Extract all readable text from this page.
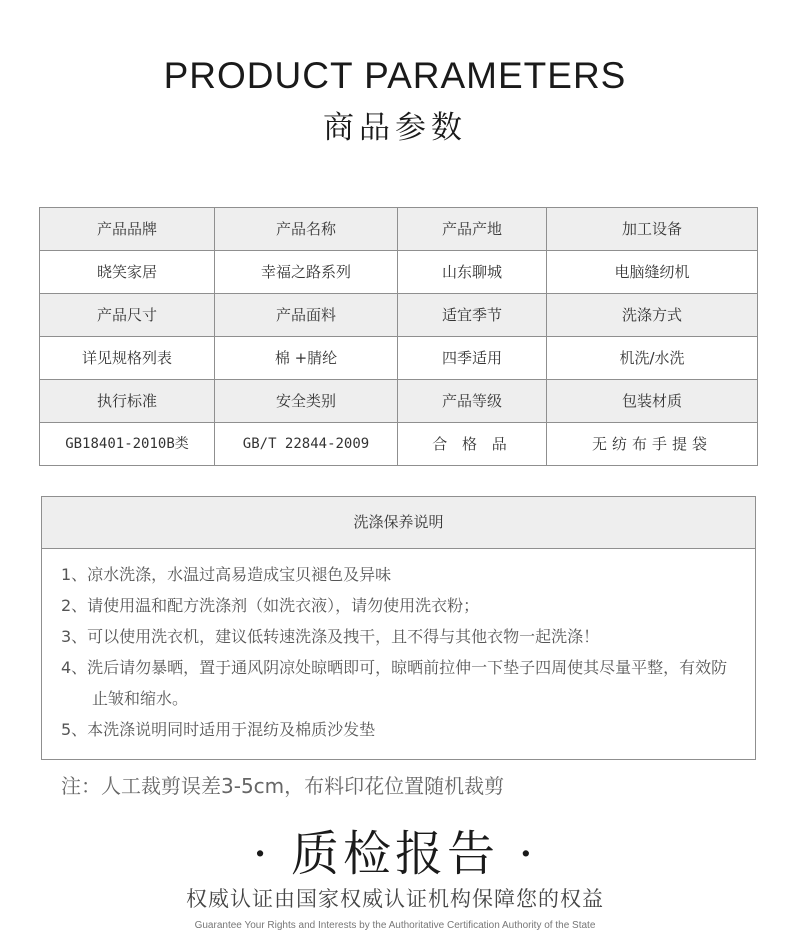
PRODUCT PARAMETERS
商品参数
产品品牌	产品名称	产品产地	加工设备
晓笑家居	幸福之路系列	山东聊城	电脑缝纫机
产品尺寸	产品面料	适宜季节	洗涤方式
详见规格列表	棉 +腈纶	四季适用	机洗/水洗
执行标准	安全类别	产品等级	包装材质
GB18401-2010B类	GB/T 22844-2009	合 格 品	无纺布手提袋
洗涤保养说明
1、凉水洗涤，水温过高易造成宝贝褪色及异味
2、请使用温和配方洗涤剂（如洗衣液），请勿使用洗衣粉；
3、可以使用洗衣机，建议低转速洗涤及拽干，且不得与其他衣物一起洗涤！
4、洗后请勿暴晒，置于通风阴凉处晾晒即可，晾晒前拉伸一下垫子四周使其尽量平整，有效防止皱和缩水。
5、本洗涤说明同时适用于混纺及棉质沙发垫
注：人工裁剪误差3-5cm，布料印花位置随机裁剪
· 质检报告 ·
权威认证由国家权威认证机构保障您的权益
Guarantee Your Rights and Interests by the Authoritative Certification Authority of the State
